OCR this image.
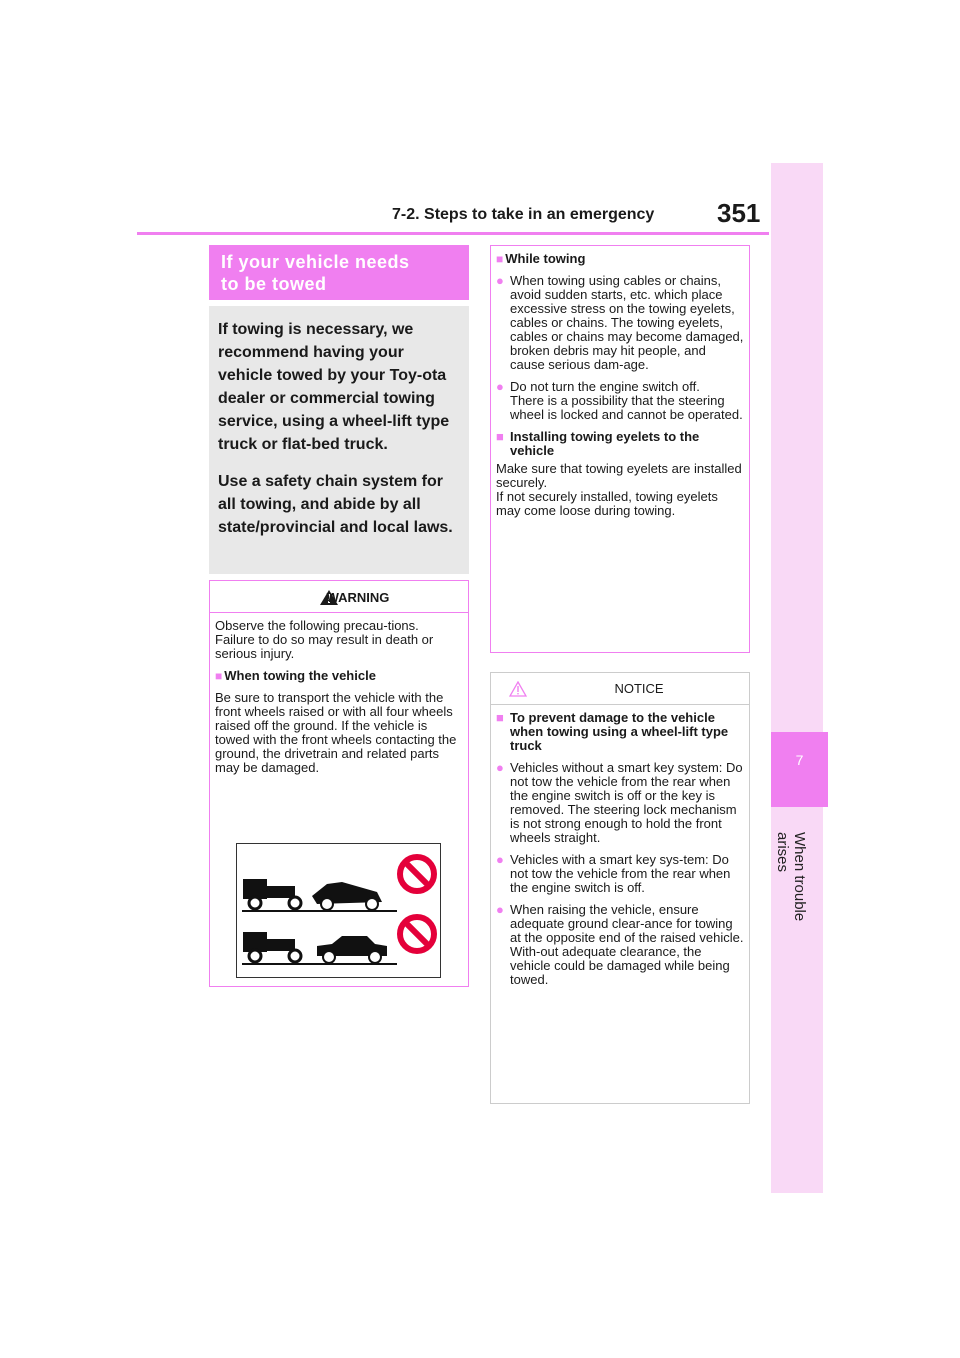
7-2. Steps to take in an emergency 351
7
When trouble arises
If your vehicle needs
to be towed

If towing is necessary, we recommend having your vehicle towed by your Toy-ota dealer or commercial towing service, using a wheel-lift type truck or flat-bed truck.

Use a safety chain system for all towing, and abide by all state/provincial and local laws.

WARNING

Observe the following precau-tions.

Failure to do so may result in death or serious injury.

■ When towing the vehicle

Be sure to transport the vehicle with the front wheels raised or with all four wheels raised off the ground. If the vehicle is towed with the front wheels contacting the ground, the drivetrain and related parts may be damaged.

■ While towing

● When towing using cables or chains, avoid sudden starts, etc. which place excessive stress on the towing eyelets, cables or chains. The towing eyelets, cables or chains may become damaged, broken debris may hit people, and cause serious dam-age.
● Do not turn the engine switch off.
There is a possibility that the steering wheel is locked and cannot be operated.
■ Installing towing eyelets to the vehicle

Make sure that towing eyelets are installed securely.

If not securely installed, towing eyelets may come loose during towing.

NOTICE
■ To prevent damage to the vehicle when towing using a wheel-lift type truck
● Vehicles without a smart key system: Do not tow the vehicle from the rear when the engine switch is off or the key is removed. The steering lock mechanism is not strong enough to hold the front wheels straight.
● Vehicles with a smart key sys-tem: Do not tow the vehicle from the rear when the engine switch is off.
● When raising the vehicle, ensure adequate ground clear-ance for towing at the opposite end of the raised vehicle. With-out adequate clearance, the vehicle could be damaged while being towed.
